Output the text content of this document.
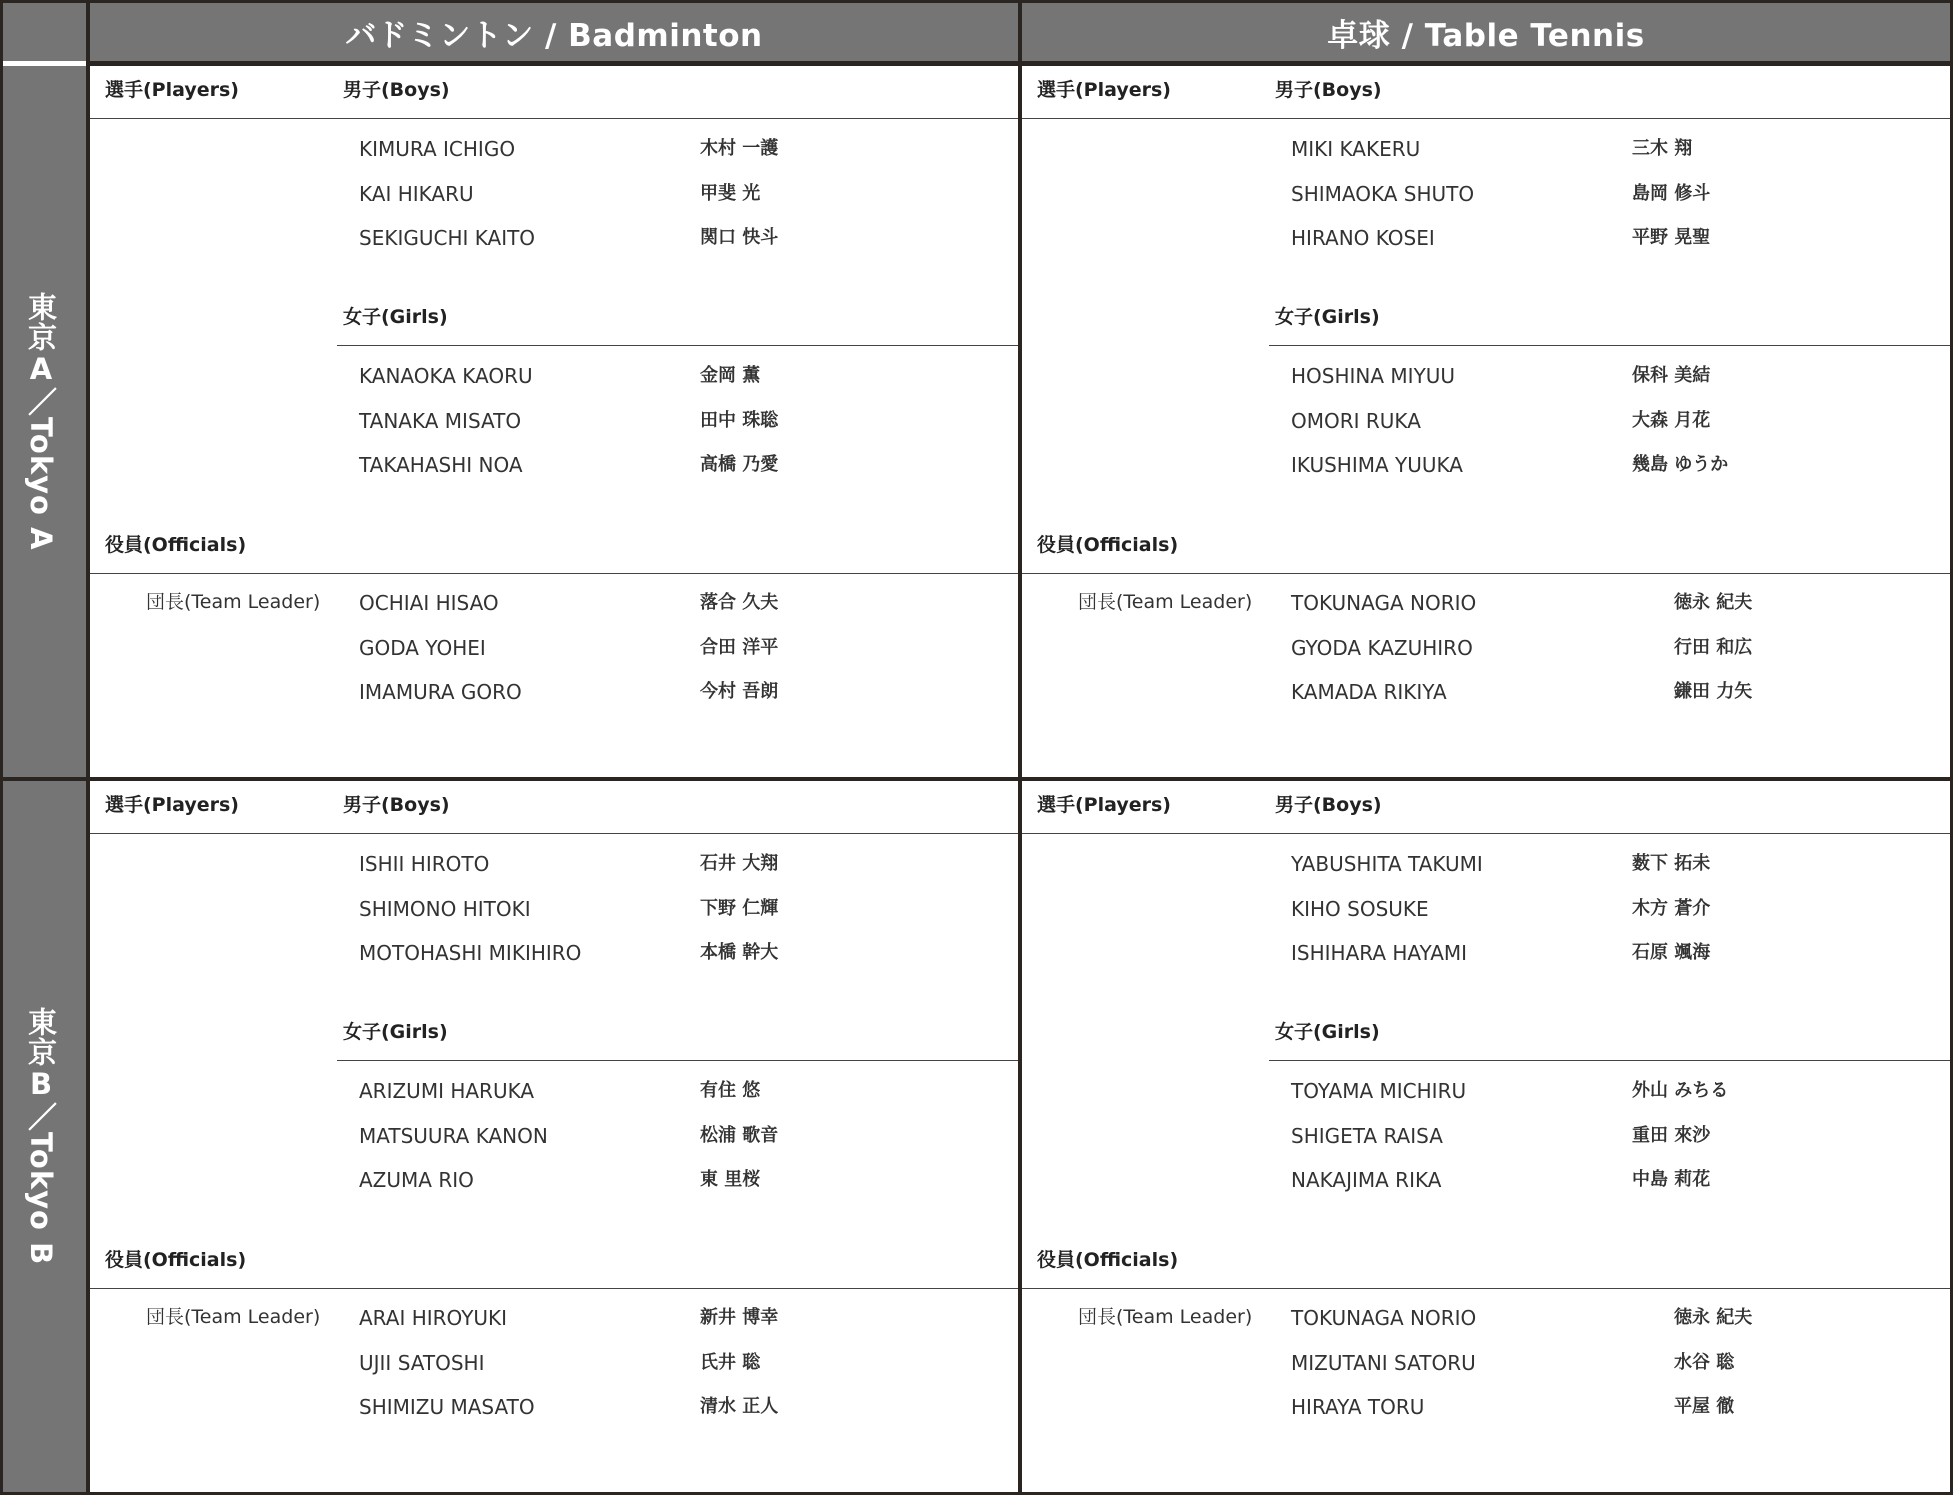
バドミントン / Badminton	卓球 / Table Tennis
東京A／Tokyo A
東京B／Tokyo B
選手(Players)	男子(Boys)
KIMURA ICHIGO	木村 一護
KAI HIKARU	甲斐 光
SEKIGUCHI KAITO	関口 快斗
女子(Girls)
KANAOKA KAORU	金岡 薫
TANAKA MISATO	田中 珠聡
TAKAHASHI NOA	高橋 乃愛
役員(Officials)
団長(Team Leader) OCHIAI HISAO	落合 久夫
GODA YOHEI	合田 洋平
IMAMURA GORO	今村 吾朗
選手(Players)	男子(Boys)
MIKI KAKERU	三木 翔
SHIMAOKA SHUTO	島岡 修斗
HIRANO KOSEI	平野 晃聖
女子(Girls)
HOSHINA MIYUU	保科 美結
OMORI RUKA	大森 月花
IKUSHIMA YUUKA	幾島 ゆうか
役員(Officials)
団長(Team Leader) TOKUNAGA NORIO	徳永 紀夫
GYODA KAZUHIRO	行田 和広
KAMADA RIKIYA	鎌田 力矢
選手(Players)	男子(Boys)
ISHII HIROTO	石井 大翔
SHIMONO HITOKI	下野 仁輝
MOTOHASHI MIKIHIRO	本橋 幹大
女子(Girls)
ARIZUMI HARUKA	有住 悠
MATSUURA KANON	松浦 歌音
AZUMA RIO	東 里桜
役員(Officials)
団長(Team Leader) ARAI HIROYUKI	新井 博幸
UJII SATOSHI	氏井 聡
SHIMIZU MASATO	清水 正人
選手(Players)	男子(Boys)
YABUSHITA TAKUMI	薮下 拓未
KIHO SOSUKE	木方 蒼介
ISHIHARA HAYAMI	石原 颯海
女子(Girls)
TOYAMA MICHIRU	外山 みちる
SHIGETA RAISA	重田 來沙
NAKAJIMA RIKA	中島 莉花
役員(Officials)
団長(Team Leader) TOKUNAGA NORIO	徳永 紀夫
MIZUTANI SATORU	水谷 聡
HIRAYA TORU	平屋 徹
